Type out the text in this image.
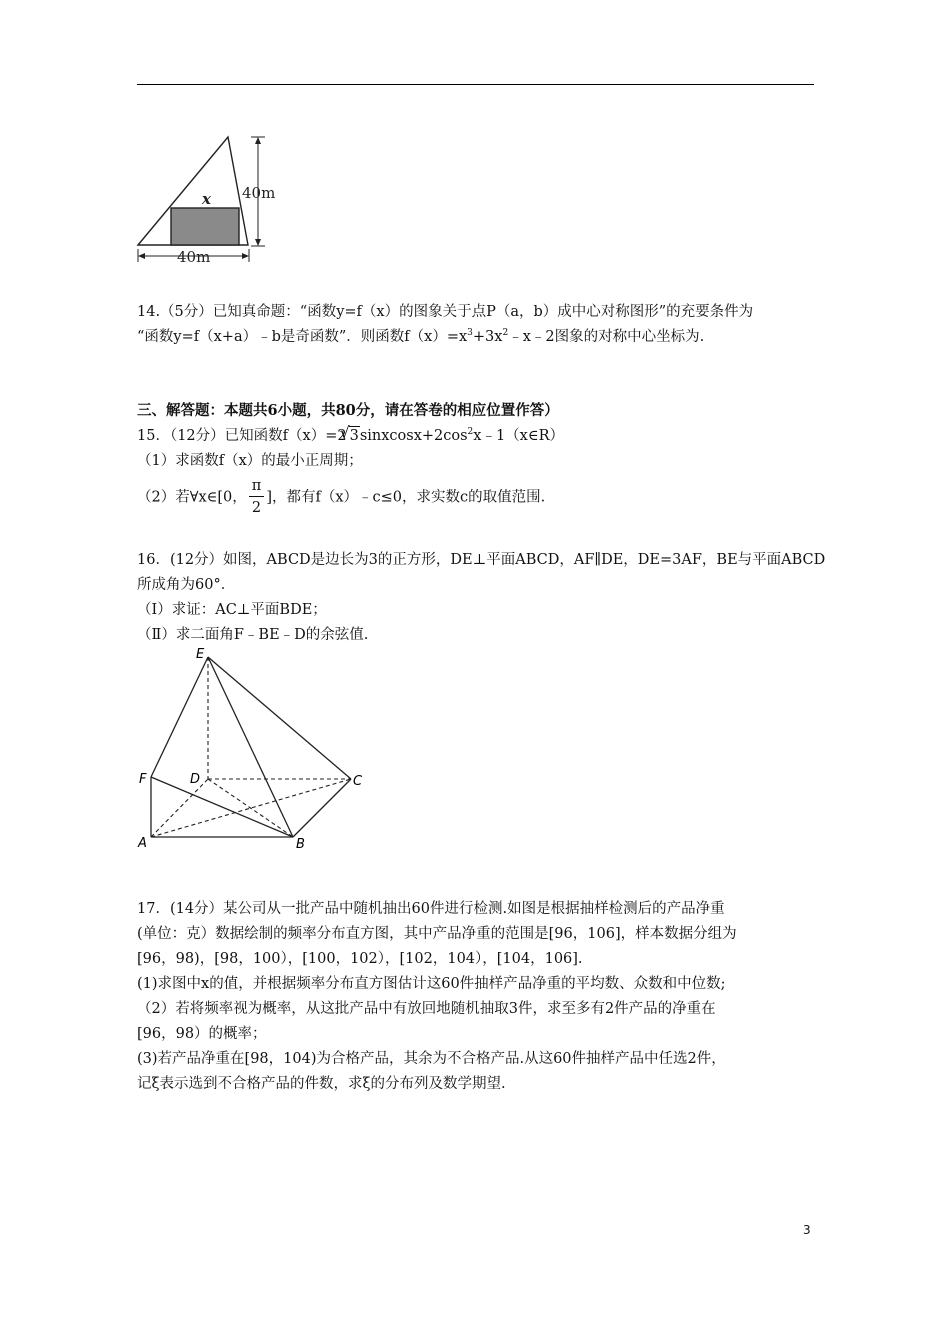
40m
40m
x
14.（5分）已知真命题：“函数y=f（x）的图象关于点P（a，b）成中心对称图形”的充要条件为
“函数y=f（x+a）﹣b是奇函数”．则函数$f(x)=x^3+3x^2﹣x﹣2$图象的对称中心坐标为.
三、解答题：本题共6小题，共80分，请在答卷的相应位置作答）
15．（12分）已知函数f（x）=2√ $3sinxcosx+2\cos^2x﹣1(x\in R)$
（1）求函数f（x）的最小正周期；
（2）若∀x∈[0， $\frac{\pi}{2}$ ]，都有f（x）﹣c≤0，求实数c的取值范围.
16．(12分）如图，ABCD是边长为3的正方形，DE⊥平面ABCD，AF∥DE，DE=3AF，BE与平面ABCD
所成角为60°．
（Ⅰ）求证：AC⊥平面BDE；
（Ⅱ）求二面角F﹣BE﹣D的余弦值.
E
F	D	C
A	B
17．(14分）某公司从一批产品中随机抽出60件进行检测.如图是根据抽样检测后的产品净重
(单位：克）数据绘制的频率分布直方图，其中产品净重的范围是[96，106]，样本数据分组为
[96，98)，[98，100），[100，102），[102，104），[104，106].
(1)求图中x的值，并根据频率分布直方图估计这60件抽样产品净重的平均数、众数和中位数;
（2）若将频率视为概率，从这批产品中有放回地随机抽取3件，求至多有2件产品的净重在
[96，98）的概率；
(3)若产品净重在[98，104)为合格产品，其余为不合格产品.从这60件抽样产品中任选2件，
记ξ表示选到不合格产品的件数，求ξ的分布列及数学期望.
3
